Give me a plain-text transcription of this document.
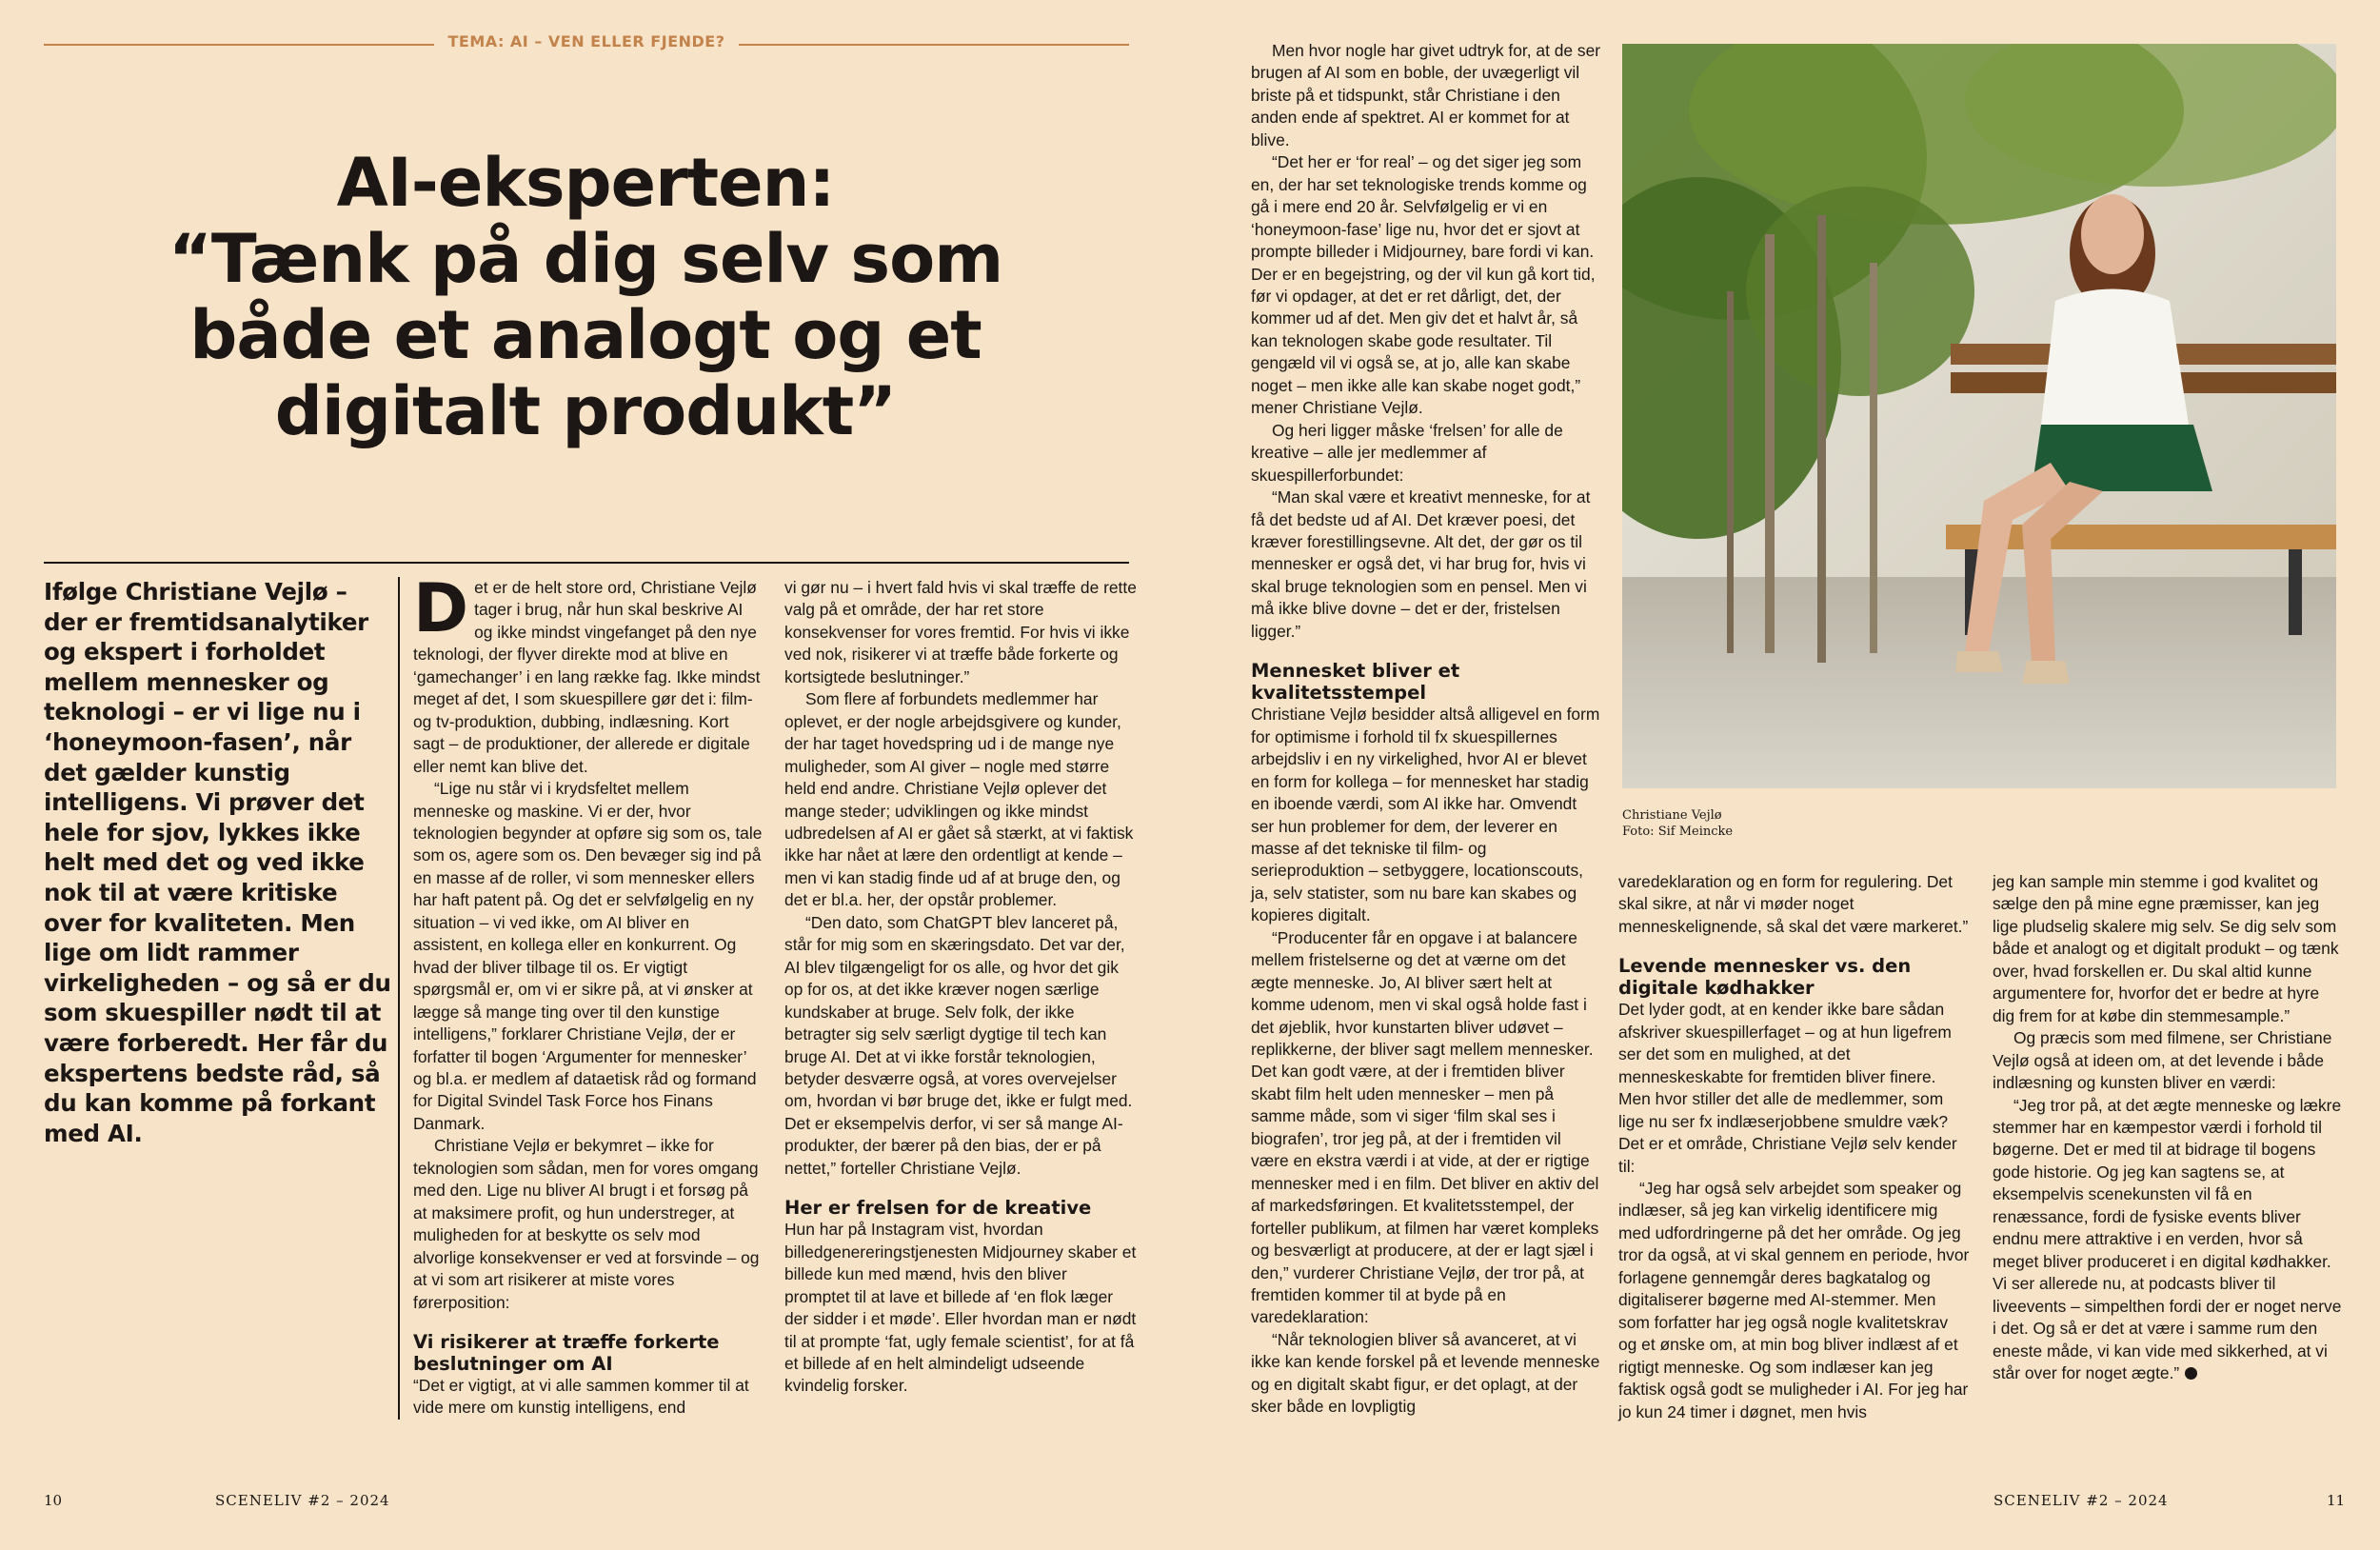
TEMA: AI – VEN ELLER FJENDE?
AI-eksperten:
“Tænk på dig selv som
både et analogt og et
digitalt produkt”

Ifølge Christiane Vejlø – der er fremtidsanalytiker og ekspert i forholdet mellem mennesker og teknologi – er vi lige nu i ‘honeymoon-fasen’, når det gælder kunstig intelligens. Vi prøver det hele for sjov, lykkes ikke helt med det og ved ikke nok til at være kritiske over for kvaliteten. Men lige om lidt rammer virkeligheden – og så er du som skuespiller nødt til at være forberedt. Her får du ekspertens bedste råd, så du kan komme på forkant med AI.

Det er de helt store ord, Christiane Vejlø tager i brug, når hun skal beskrive AI og ikke mindst vingefanget på den nye teknologi, der flyver direkte mod at blive en ‘gamechanger’ i en lang række fag. Ikke mindst meget af det, I som skuespillere gør det i: film- og tv-produktion, dubbing, indlæsning. Kort sagt – de produktioner, der allerede er digitale eller nemt kan blive det.

“Lige nu står vi i krydsfeltet mellem menneske og maskine. Vi er der, hvor teknologien begynder at opføre sig som os, tale som os, agere som os. Den bevæger sig ind på en masse af de roller, vi som mennesker ellers har haft patent på. Og det er selvfølgelig en ny situation – vi ved ikke, om AI bliver en assistent, en kollega eller en konkurrent. Og hvad der bliver tilbage til os. Er vigtigt spørgsmål er, om vi er sikre på, at vi ønsker at lægge så mange ting over til den kunstige intelligens,” forklarer Christiane Vejlø, der er forfatter til bogen ‘Argumenter for mennesker’ og bl.a. er medlem af dataetisk råd og formand for Digital Svindel Task Force hos Finans Danmark.

Christiane Vejlø er bekymret – ikke for teknologien som sådan, men for vores omgang med den. Lige nu bliver AI brugt i et forsøg på at maksimere profit, og hun understreger, at muligheden for at beskytte os selv mod alvorlige konsekvenser er ved at forsvinde – og at vi som art risikerer at miste vores førerposition:

Vi risikerer at træffe forkerte beslutninger om AI

“Det er vigtigt, at vi alle sammen kommer til at vide mere om kunstig intelligens, end

vi gør nu – i hvert fald hvis vi skal træffe de rette valg på et område, der har ret store konsekvenser for vores fremtid. For hvis vi ikke ved nok, risikerer vi at træffe både forkerte og kortsigtede beslutninger.”

Som flere af forbundets medlemmer har oplevet, er der nogle arbejdsgivere og kunder, der har taget hovedspring ud i de mange nye muligheder, som AI giver – nogle med større held end andre. Christiane Vejlø oplever det mange steder; udviklingen og ikke mindst udbredelsen af AI er gået så stærkt, at vi faktisk ikke har nået at lære den ordentligt at kende – men vi kan stadig finde ud af at bruge den, og det er bl.a. her, der opstår problemer.

“Den dato, som ChatGPT blev lanceret på, står for mig som en skæringsdato. Det var der, AI blev tilgængeligt for os alle, og hvor det gik op for os, at det ikke kræver nogen særlige kundskaber at bruge. Selv folk, der ikke betragter sig selv særligt dygtige til tech kan bruge AI. Det at vi ikke forstår teknologien, betyder desværre også, at vores overvejelser om, hvordan vi bør bruge det, ikke er fulgt med. Det er eksempelvis derfor, vi ser så mange AI-produkter, der bærer på den bias, der er på nettet,” forteller Christiane Vejlø.

Her er frelsen for de kreative

Hun har på Instagram vist, hvordan billedgenereringstjenesten Midjourney skaber et billede kun med mænd, hvis den bliver promptet til at lave et billede af ‘en flok læger der sidder i et møde’. Eller hvordan man er nødt til at prompte ‘fat, ugly female scientist’, for at få et billede af en helt almindeligt udseende kvindelig forsker.

10	SCENELIV #2 – 2024

Men hvor nogle har givet udtryk for, at de ser brugen af AI som en boble, der uvægerligt vil briste på et tidspunkt, står Christiane i den anden ende af spektret. AI er kommet for at blive.

“Det her er ‘for real’ – og det siger jeg som en, der har set teknologiske trends komme og gå i mere end 20 år. Selvfølgelig er vi en ‘honeymoon-fase’ lige nu, hvor det er sjovt at prompte billeder i Midjourney, bare fordi vi kan. Der er en begejstring, og der vil kun gå kort tid, før vi opdager, at det er ret dårligt, det, der kommer ud af det. Men giv det et halvt år, så kan teknologen skabe gode resultater. Til gengæld vil vi også se, at jo, alle kan skabe noget – men ikke alle kan skabe noget godt,” mener Christiane Vejlø.

Og heri ligger måske ‘frelsen’ for alle de kreative – alle jer medlemmer af skuespillerforbundet:

“Man skal være et kreativt menneske, for at få det bedste ud af AI. Det kræver poesi, det kræver forestillingsevne. Alt det, der gør os til mennesker er også det, vi har brug for, hvis vi skal bruge teknologien som en pensel. Men vi må ikke blive dovne – det er der, fristelsen ligger.”

Mennesket bliver et kvalitetsstempel

Christiane Vejlø besidder altså alligevel en form for optimisme i forhold til fx skuespillernes arbejdsliv i en ny virkelighed, hvor AI er blevet en form for kollega – for mennesket har stadig en iboende værdi, som AI ikke har. Omvendt ser hun problemer for dem, der leverer en masse af det tekniske til film- og serieproduktion – setbyggere, locationscouts, ja, selv statister, som nu bare kan skabes og kopieres digitalt.

“Producenter får en opgave i at balancere mellem fristelserne og det at værne om det ægte menneske. Jo, AI bliver sært helt at komme udenom, men vi skal også holde fast i det øjeblik, hvor kunstarten bliver udøvet – replikkerne, der bliver sagt mellem mennesker. Det kan godt være, at der i fremtiden bliver skabt film helt uden mennesker – men på samme måde, som vi siger ‘film skal ses i biografen’, tror jeg på, at der i fremtiden vil være en ekstra værdi i at vide, at der er rigtige mennesker med i en film. Det bliver en aktiv del af markedsføringen. Et kvalitetsstempel, der forteller publikum, at filmen har været kompleks og besværligt at producere, at der er lagt sjæl i den,” vurderer Christiane Vejlø, der tror på, at fremtiden kommer til at byde på en varedeklaration:

“Når teknologien bliver så avanceret, at vi ikke kan kende forskel på et levende menneske og en digitalt skabt figur, er det oplagt, at der sker både en lovpligtig

Christiane Vejlø
Foto: Sif Meincke

varedeklaration og en form for regulering. Det skal sikre, at når vi møder noget menneskelignende, så skal det være markeret.”

Levende mennesker vs. den digitale kødhakker

Det lyder godt, at en kender ikke bare sådan afskriver skuespillerfaget – og at hun ligefrem ser det som en mulighed, at det menneskeskabte for fremtiden bliver finere. Men hvor stiller det alle de medlemmer, som lige nu ser fx indlæserjobbene smuldre væk? Det er et område, Christiane Vejlø selv kender til:

“Jeg har også selv arbejdet som speaker og indlæser, så jeg kan virkelig identificere mig med udfordringerne på det her område. Og jeg tror da også, at vi skal gennem en periode, hvor forlagene gennemgår deres bagkatalog og digitaliserer bøgerne med AI-stemmer. Men som forfatter har jeg også nogle kvalitetskrav og et ønske om, at min bog bliver indlæst af et rigtigt menneske. Og som indlæser kan jeg faktisk også godt se muligheder i AI. For jeg har jo kun 24 timer i døgnet, men hvis

jeg kan sample min stemme i god kvalitet og sælge den på mine egne præmisser, kan jeg lige pludselig skalere mig selv. Se dig selv som både et analogt og et digitalt produkt – og tænk over, hvad forskellen er. Du skal altid kunne argumentere for, hvorfor det er bedre at hyre dig frem for at købe din stemmesample.”

Og præcis som med filmene, ser Christiane Vejlø også at ideen om, at det levende i både indlæsning og kunsten bliver en værdi:

“Jeg tror på, at det ægte menneske og lækre stemmer har en kæmpestor værdi i forhold til bøgerne. Det er med til at bidrage til bogens gode historie. Og jeg kan sagtens se, at eksempelvis scenekunsten vil få en renæssance, fordi de fysiske events bliver endnu mere attraktive i en verden, hvor så meget bliver produceret i en digital kødhakker. Vi ser allerede nu, at podcasts bliver til liveevents – simpelthen fordi der er noget nerve i det. Og så er det at være i samme rum den eneste måde, vi kan vide med sikkerhed, at vi står over for noget ægte.”

SCENELIV #2 – 2024	11
